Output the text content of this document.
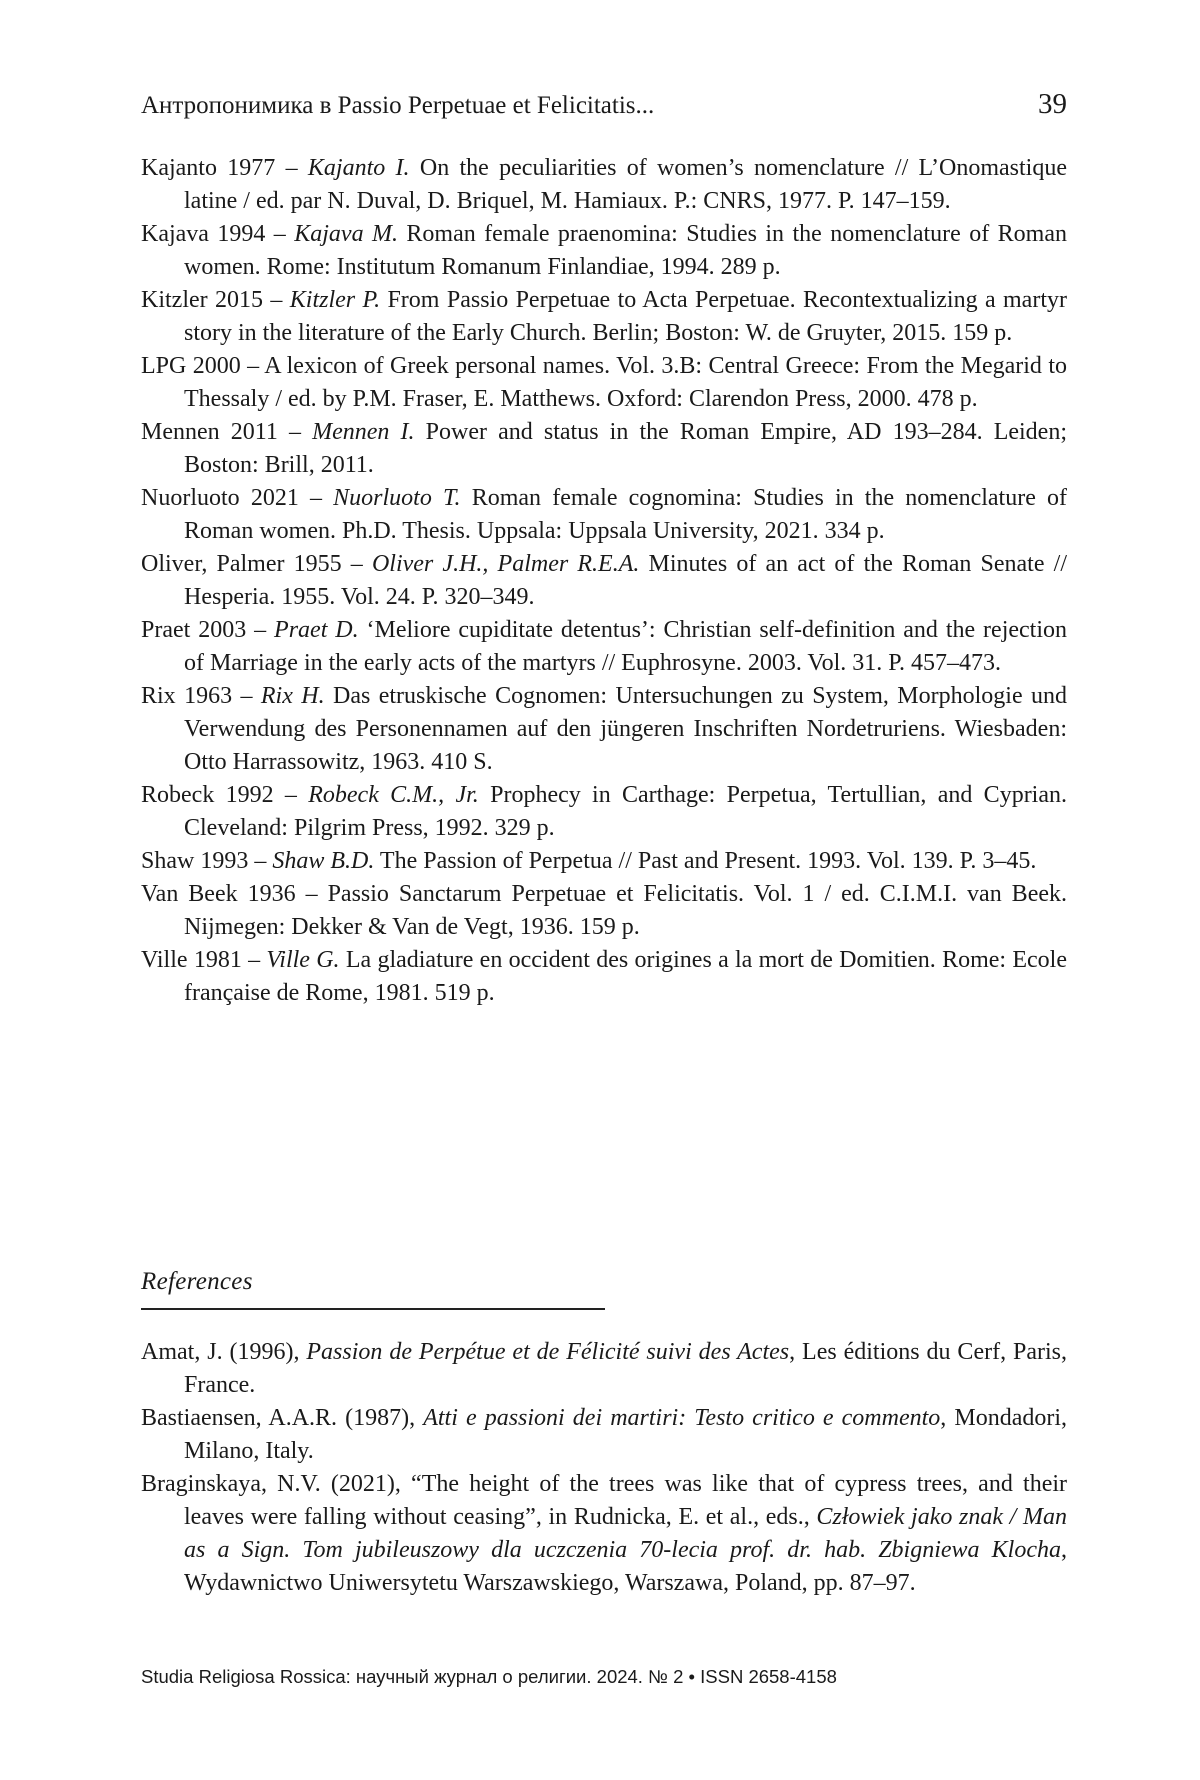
Антропонимика в Passio Perpetuae et Felicitatis...	39
Kajanto 1977 – Kajanto I. On the peculiarities of women’s nomenclature // L’Onomastique latine / ed. par N. Duval, D. Briquel, M. Hamiaux. P.: CNRS, 1977. P. 147–159.
Kajava 1994 – Kajava M. Roman female praenomina: Studies in the nomenclature of Roman women. Rome: Institutum Romanum Finlandiae, 1994. 289 p.
Kitzler 2015 – Kitzler P. From Passio Perpetuae to Acta Perpetuae. Recontextualizing a martyr story in the literature of the Early Church. Berlin; Boston: W. de Gruyter, 2015. 159 p.
LPG 2000 – A lexicon of Greek personal names. Vol. 3.B: Central Greece: From the Megarid to Thessaly / ed. by P.M. Fraser, E. Matthews. Oxford: Clarendon Press, 2000. 478 p.
Mennen 2011 – Mennen I. Power and status in the Roman Empire, AD 193–284. Leiden; Boston: Brill, 2011.
Nuorluoto 2021 – Nuorluoto T. Roman female cognomina: Studies in the nomenclature of Roman women. Ph.D. Thesis. Uppsala: Uppsala University, 2021. 334 p.
Oliver, Palmer 1955 – Oliver J.H., Palmer R.E.A. Minutes of an act of the Roman Senate // Hesperia. 1955. Vol. 24. P. 320–349.
Praet 2003 – Praet D. ‘Meliore cupiditate detentus’: Christian self-definition and the rejection of Marriage in the early acts of the martyrs // Euphrosyne. 2003. Vol. 31. P. 457–473.
Rix 1963 – Rix H. Das etruskische Cognomen: Untersuchungen zu System, Morphologie und Verwendung des Personennamen auf den jüngeren Inschriften Nordetruriens. Wiesbaden: Otto Harrassowitz, 1963. 410 S.
Robeck 1992 – Robeck C.M., Jr. Prophecy in Carthage: Perpetua, Tertullian, and Cyprian. Cleveland: Pilgrim Press, 1992. 329 p.
Shaw 1993 – Shaw B.D. The Passion of Perpetua // Past and Present. 1993. Vol. 139. P. 3–45.
Van Beek 1936 – Passio Sanctarum Perpetuae et Felicitatis. Vol. 1 / ed. C.I.M.I. van Beek. Nijmegen: Dekker & Van de Vegt, 1936. 159 p.
Ville 1981 – Ville G. La gladiature en occident des origines a la mort de Domitien. Rome: Ecole française de Rome, 1981. 519 p.
References
Amat, J. (1996), Passion de Perpétue et de Félicité suivi des Actes, Les éditions du Cerf, Paris, France.
Bastiaensen, A.A.R. (1987), Atti e passioni dei martiri: Testo critico e commento, Mondadori, Milano, Italy.
Braginskaya, N.V. (2021), “The height of the trees was like that of cypress trees, and their leaves were falling without ceasing”, in Rudnicka, E. et al., eds., Człowiek jako znak / Man as a Sign. Tom jubileuszowy dla uczczenia 70-lecia prof. dr. hab. Zbigniewa Klocha, Wydawnictwo Uniwersytetu Warszawskiego, Warszawa, Poland, pp. 87–97.
Studia Religiosa Rossica: научный журнал о религии. 2024. № 2 • ISSN 2658-4158
